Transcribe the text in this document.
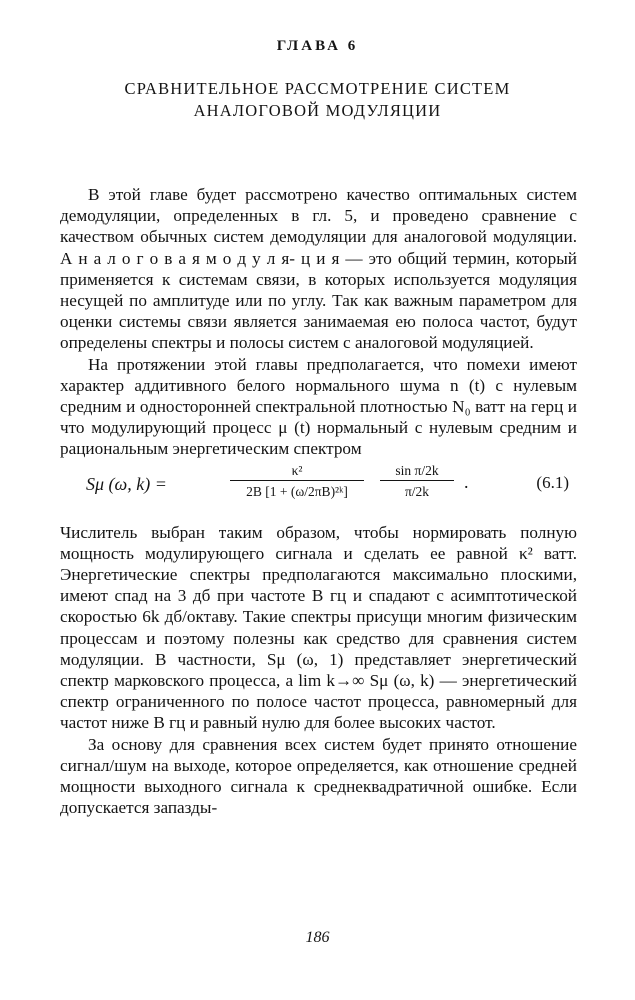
ГЛАВА 6
СРАВНИТЕЛЬНОЕ РАССМОТРЕНИЕ СИСТЕМ
АНАЛОГОВОЙ МОДУЛЯЦИИ

В этой главе будет рассмотрено качество оптимальных систем демодуляции, определенных в гл. 5, и проведено сравнение с качеством обычных систем демодуляции для аналоговой модуляции. А н а л о г о в а я м о д у л я- ц и я — это общий термин, который применяется к системам связи, в которых используется модуляция несущей по амплитуде или по углу. Так как важным параметром для оценки системы связи является занимаемая ею полоса частот, будут определены спектры и полосы систем с аналоговой модуляцией.

На протяжении этой главы предполагается, что помехи имеют характер аддитивного белого нормального шума n (t) с нулевым средним и односторонней спектральной плотностью N₀ ватт на герц и что модулирующий процесс μ (t) нормальный с нулевым средним и рациональным энергетическим спектром

Sμ (ω, k) =	$\frac{\text{κ²}}{\text{2B [1 + (ω/2πB)²ᵏ]}} \frac{\text{sin π/2k}}{\pi/2k}$ .	(6.1)

Числитель выбран таким образом, чтобы нормировать полную мощность модулирующего сигнала и сделать ее равной κ² ватт. Энергетические спектры предполагаются максимально плоскими, имеют спад на 3 дб при частоте B гц и спадают с асимптотической скоростью 6k дб/октаву. Такие спектры присущи многим физическим процессам и поэтому полезны как средство для сравнения систем модуляции. В частности, Sμ (ω, 1) представляет энергетический спектр марковского процесса, а lim k→∞ Sμ (ω, k) — энергетический спектр ограниченного по полосе частот процесса, равномерный для частот ниже B гц и равный нулю для более высоких частот.

За основу для сравнения всех систем будет принято отношение сигнал/шум на выходе, которое определяется, как отношение средней мощности выходного сигнала к среднеквадратичной ошибке. Если допускается запазды-

186
